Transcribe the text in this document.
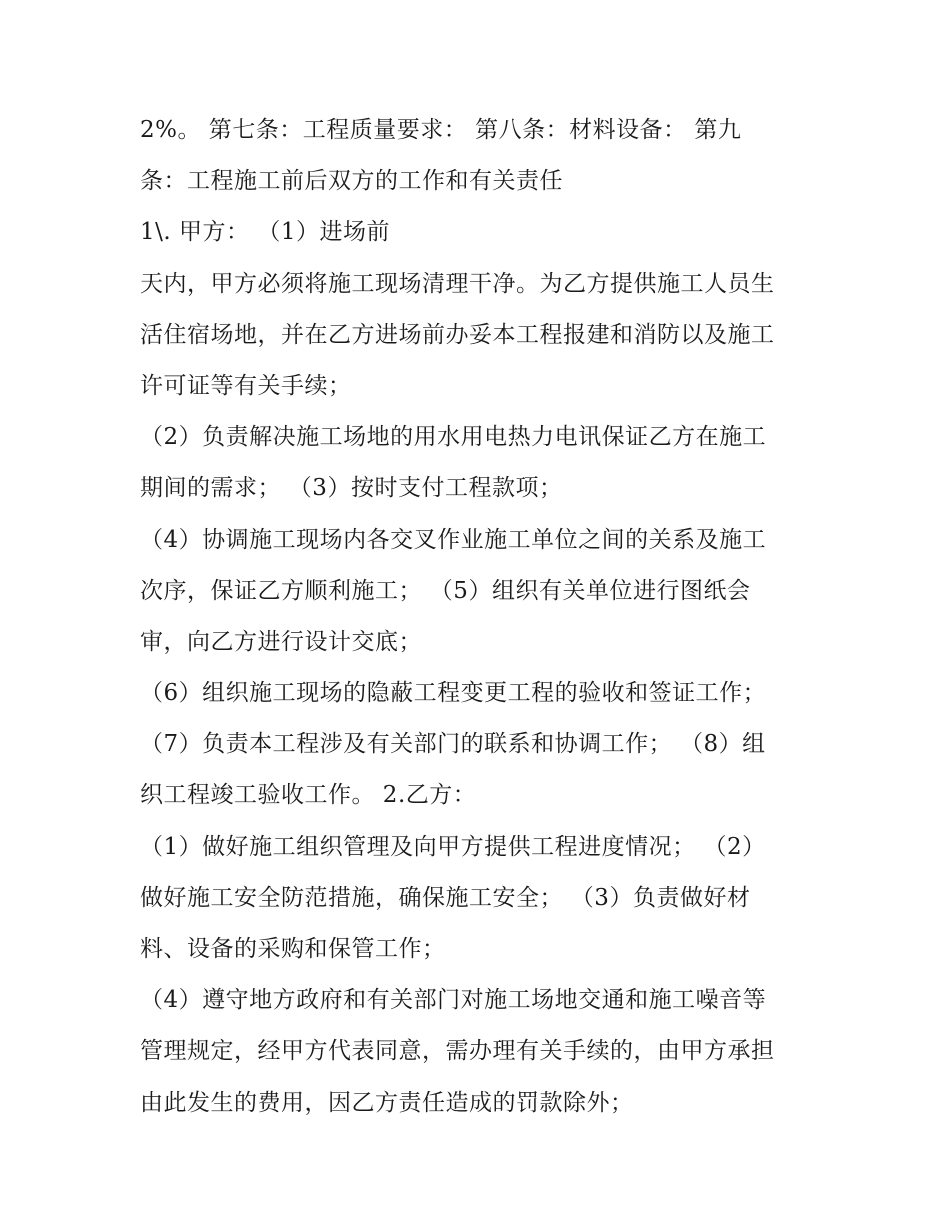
2%。 第七条：工程质量要求： 第八条：材料设备： 第九
条：工程施工前后双方的工作和有关责任
1\. 甲方： （1）进场前
天内，甲方必须将施工现场清理干净。为乙方提供施工人员生
活住宿场地，并在乙方进场前办妥本工程报建和消防以及施工
许可证等有关手续；
（2）负责解决施工场地的用水用电热力电讯保证乙方在施工
期间的需求； （3）按时支付工程款项；
（4）协调施工现场内各交叉作业施工单位之间的关系及施工
次序，保证乙方顺利施工； （5）组织有关单位进行图纸会
审，向乙方进行设计交底；
（6）组织施工现场的隐蔽工程变更工程的验收和签证工作；
（7）负责本工程涉及有关部门的联系和协调工作； （8）组
织工程竣工验收工作。 2.乙方：
（1）做好施工组织管理及向甲方提供工程进度情况； （2）
做好施工安全防范措施，确保施工安全； （3）负责做好材
料、设备的采购和保管工作；
（4）遵守地方政府和有关部门对施工场地交通和施工噪音等
管理规定，经甲方代表同意，需办理有关手续的，由甲方承担
由此发生的费用，因乙方责任造成的罚款除外；
